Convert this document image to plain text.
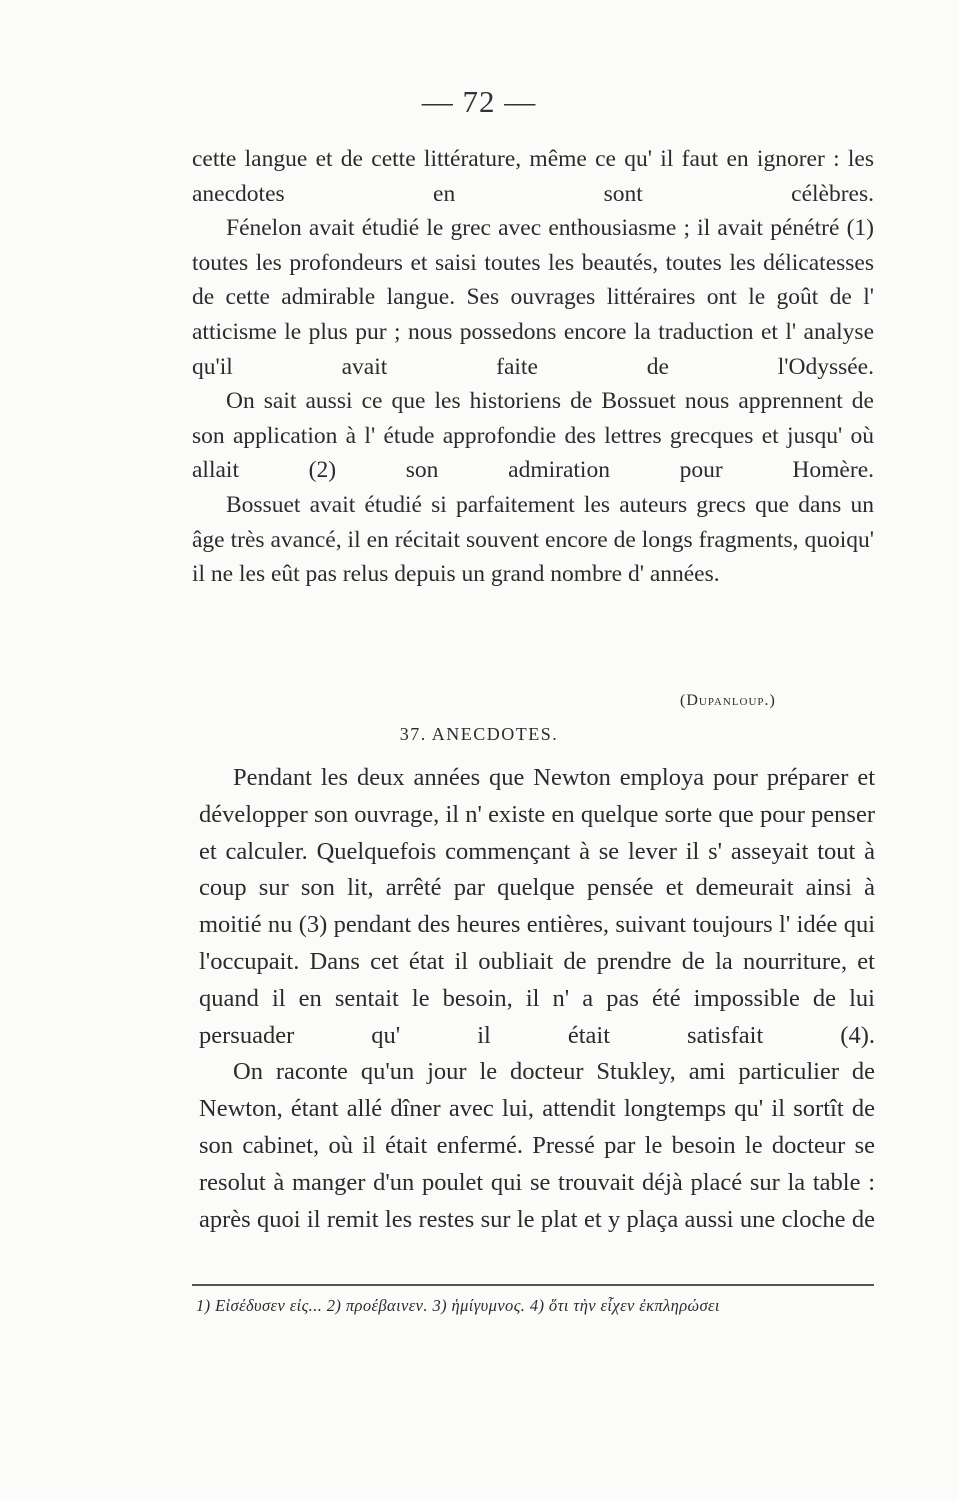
— 72 —

cette langue et de cette littérature, même ce qu' il faut en ignorer : les anecdotes en sont célèbres.

Fénelon avait étudié le grec avec enthousiasme ; il avait pénétré (1) toutes les profondeurs et saisi toutes les beautés, toutes les délicatesses de cette admirable langue. Ses ouvrages littéraires ont le goût de l' atticisme le plus pur ; nous possedons encore la traduction et l' analyse qu'il avait faite de l'Odyssée.

On sait aussi ce que les historiens de Bossuet nous apprennent de son application à l' étude approfondie des lettres grecques et jusqu' où allait (2) son admiration pour Homère.

Bossuet avait étudié si parfaitement les auteurs grecs que dans un âge très avancé, il en récitait souvent encore de longs fragments, quoiqu' il ne les eût pas relus depuis un grand nombre d' années.

(Dupanloup.)
37. ANECDOTES.

Pendant les deux années que Newton employa pour préparer et développer son ouvrage, il n' existe en quelque sorte que pour penser et calculer. Quelquefois commençant à se lever il s' asseyait tout à coup sur son lit, arrêté par quelque pensée et demeurait ainsi à moitié nu (3) pendant des heures entières, suivant toujours l' idée qui l'occupait. Dans cet état il oubliait de prendre de la nourriture, et quand il en sentait le besoin, il n' a pas été impossible de lui persuader qu' il était satisfait (4).

On raconte qu'un jour le docteur Stukley, ami particulier de Newton, étant allé dîner avec lui, attendit longtemps qu' il sortît de son cabinet, où il était enfermé. Pressé par le besoin le docteur se resolut à manger d'un poulet qui se trouvait déjà placé sur la table : après quoi il remit les restes sur le plat et y plaça aussi une cloche de

1) Εἰσέδυσεν εἰς... 2) προέβαινεν. 3) ἡμίγυμνος. 4) ὅτι τὴν εἶχεν ἐκπληρώσει
